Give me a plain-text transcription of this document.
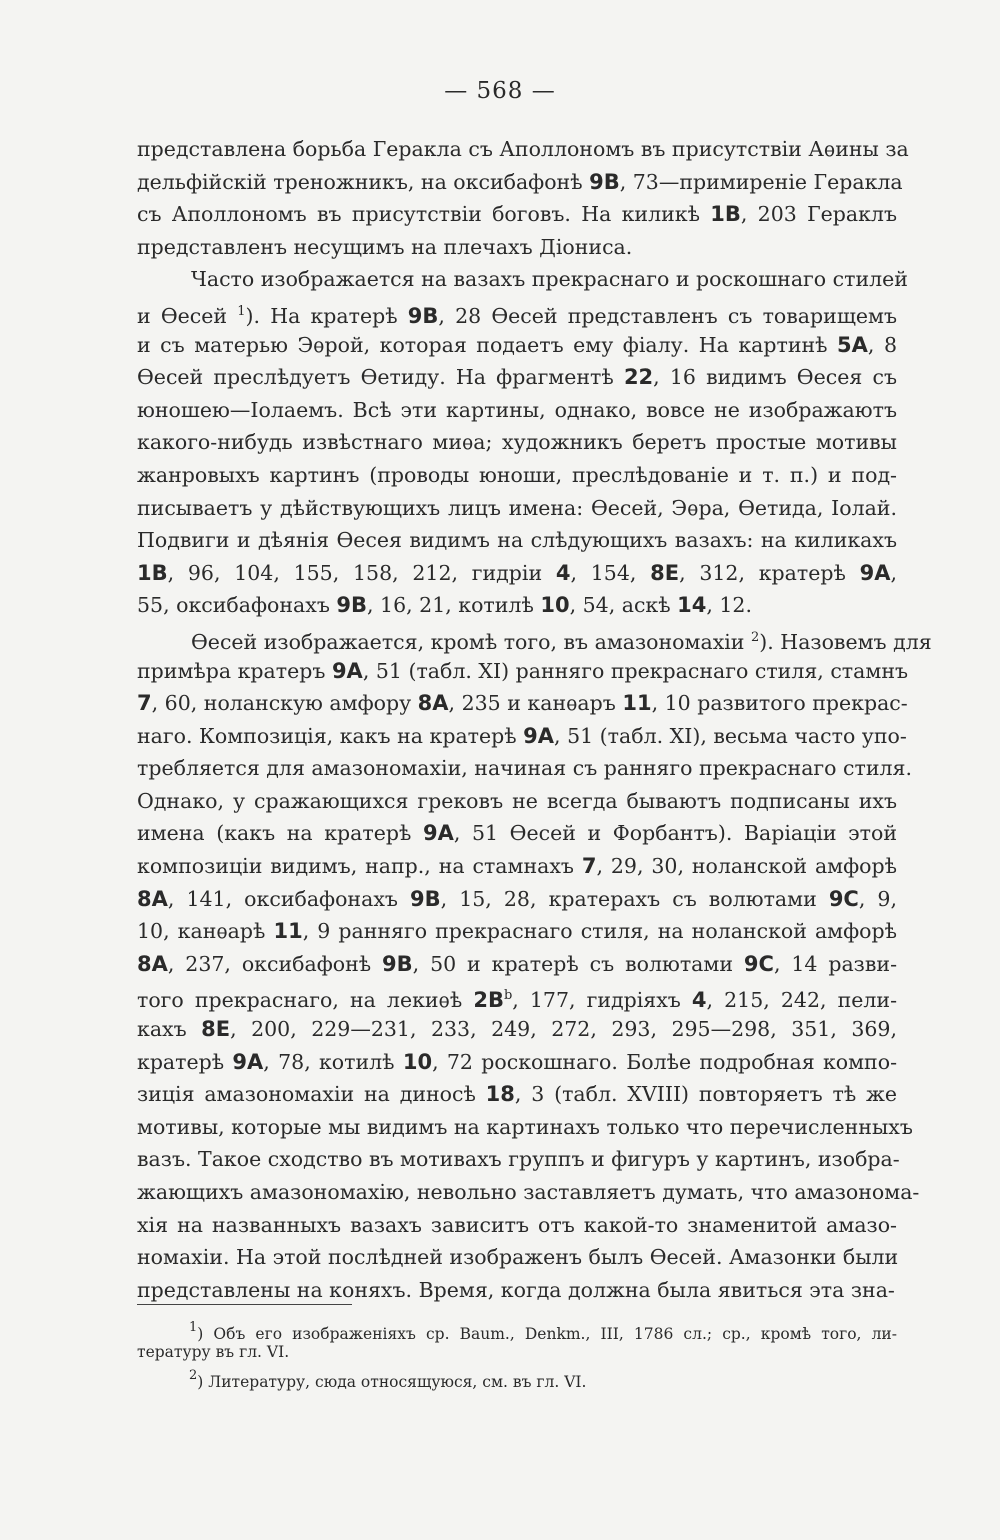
— 568 —
представлена борьба Геракла съ Аполлономъ въ присутствіи Аѳины за
дельфійскій треножникъ, на оксибафонѣ 9B, 73—примиреніе Геракла
съ Аполлономъ въ присутствіи боговъ. На киликѣ 1B, 203 Гераклъ
представленъ несущимъ на плечахъ Діониса.
Часто изображается на вазахъ прекраснаго и роскошнаго стилей
и Ѳесей $^1$). На кратерѣ 9B, 28 Ѳесей представленъ съ товарищемъ
и съ матерью Эѳрой, которая подаетъ ему фіалу. На картинѣ 5A, 8
Ѳесей преслѣдуетъ Ѳетиду. На фрагментѣ 22, 16 видимъ Ѳесея съ
юношею—Іолаемъ. Всѣ эти картины, однако, вовсе не изображаютъ
какого-нибудь извѣстнаго миѳа; художникъ беретъ простые мотивы
жанровыхъ картинъ (проводы юноши, преслѣдованіе и т. п.) и под-
писываетъ у дѣйствующихъ лицъ имена: Ѳесей, Эѳра, Ѳетида, Іолай.
Подвиги и дѣянія Ѳесея видимъ на слѣдующихъ вазахъ: на киликахъ
1B, 96, 104, 155, 158, 212, гидріи 4, 154, 8E, 312, кратерѣ 9A,
55, оксибафонахъ 9B, 16, 21, котилѣ 10, 54, аскѣ 14, 12.
Ѳесей изображается, кромѣ того, въ амазономахіи $^2$). Назовемъ для
примѣра кратеръ 9A, 51 (табл. XI) ранняго прекраснаго стиля, стамнъ
7, 60, ноланскую амфору 8A, 235 и канѳаръ 11, 10 развитого прекрас-
наго. Композиція, какъ на кратерѣ 9A, 51 (табл. XI), весьма часто упо-
требляется для амазономахіи, начиная съ ранняго прекраснаго стиля.
Однако, у сражающихся грековъ не всегда бываютъ подписаны ихъ
имена (какъ на кратерѣ 9A, 51 Ѳесей и Форбантъ). Варіаціи этой
композиціи видимъ, напр., на стамнахъ 7, 29, 30, ноланской амфорѣ
8A, 141, оксибафонахъ 9B, 15, 28, кратерахъ съ волютами 9C, 9,
10, канѳарѣ 11, 9 ранняго прекраснаго стиля, на ноланской амфорѣ
8A, 237, оксибафонѣ 9B, 50 и кратерѣ съ волютами 9C, 14 разви-
того прекраснаго, на лекиѳѣ $2B^b$, 177, гидріяхъ 4, 215, 242, пели-
кахъ 8E, 200, 229—231, 233, 249, 272, 293, 295—298, 351, 369,
кратерѣ 9A, 78, котилѣ 10, 72 роскошнаго. Болѣе подробная компо-
зиція амазономахіи на диносѣ 18, 3 (табл. XVIII) повторяетъ тѣ же
мотивы, которые мы видимъ на картинахъ только что перечисленныхъ
вазъ. Такое сходство въ мотивахъ группъ и фигуръ у картинъ, изобра-
жающихъ амазономахію, невольно заставляетъ думать, что амазонома-
хія на названныхъ вазахъ зависитъ отъ какой-то знаменитой амазо-
номахіи. На этой послѣдней изображенъ былъ Ѳесей. Амазонки были
представлены на коняхъ. Время, когда должна была явиться эта зна-
$^1$) Объ его изображеніяхъ ср. Baum., Denkm., III, 1786 сл.; ср., кромѣ того, ли-
тературу въ гл. VI.
$^2$) Литературу, сюда относящуюся, см. въ гл. VI.
